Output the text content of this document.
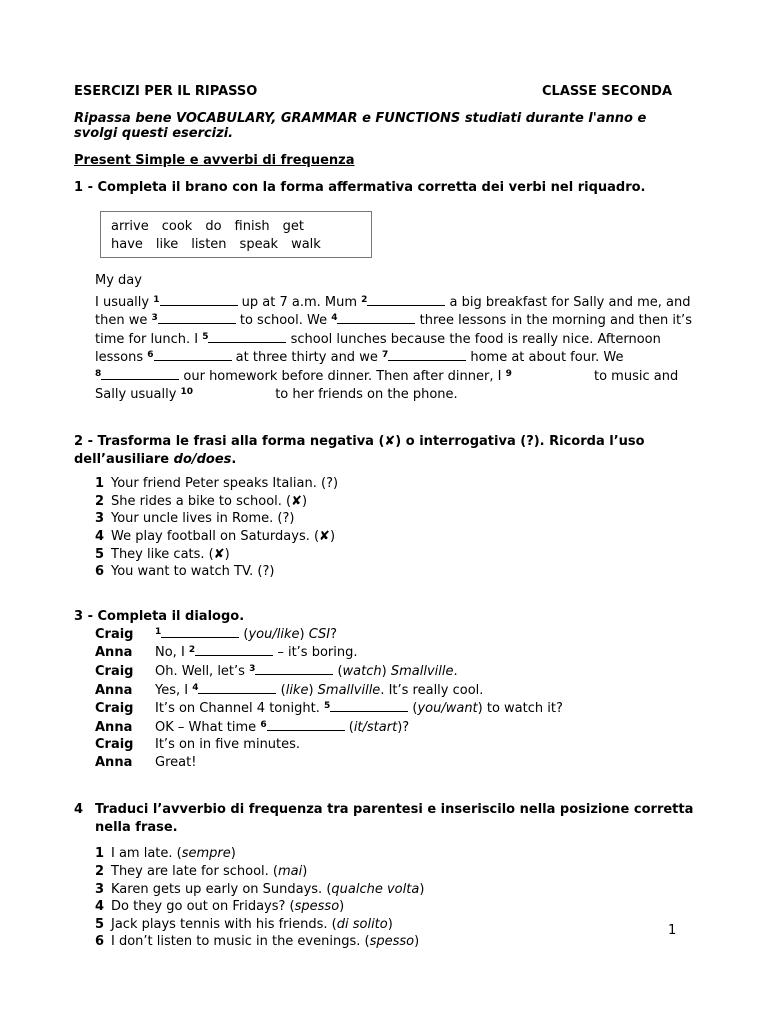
ESERCIZI PER IL RIPASSO	CLASSE SECONDA

Ripassa bene VOCABULARY, GRAMMAR e FUNCTIONS studiati durante l'anno e svolgi questi esercizi.

Present Simple e avverbi di frequenza

1 - Completa il brano con la forma affermativa corretta dei verbi nel riquadro.

arrive cook do finish get
have like listen speak walk
My day
I usually $^1$	up at 7 a.m. Mum $^2$	a big breakfast for Sally and me, and
then we $^3$	to school. We $^4$	three lessons in the morning and then it’s
time for lunch. I $^5$	school lunches because the food is really nice. Afternoon
lessons $^6$	at three thirty and we $^7$	home at about four. We
$^8$	our homework before dinner. Then after dinner, I $^9$	to music and
Sally usually $^{10}$	to her friends on the phone.

2 - Trasforma le frasi alla forma negativa (✘) o interrogativa (?). Ricorda l’uso dell’ausiliare do/does.

1 Your friend Peter speaks Italian. (?)
2 She rides a bike to school. (✘)
3 Your uncle lives in Rome. (?)
4 We play football on Saturdays. (✘)
5 They like cats. (✘)
6 You want to watch TV. (?)

3 - Completa il dialogo.

Craig $^1$	(you/like) CSI?
Anna No, I $^2$	– it’s boring.
Craig Oh. Well, let’s $^3$	(watch) Smallville.
Anna Yes, I $^4$	(like) Smallville. It’s really cool.
Craig It’s on Channel 4 tonight. $^5$	(you/want) to watch it?
Anna OK – What time $^6$	(it/start)?
Craig It’s on in five minutes.
Anna Great!
4 Traduci l’avverbio di frequenza tra parentesi e inseriscilo nella posizione corretta nella frase.
1 I am late. (sempre)
2 They are late for school. (mai)
3 Karen gets up early on Sundays. (qualche volta)
4 Do they go out on Fridays? (spesso)
5 Jack plays tennis with his friends. (di solito)
6 I don’t listen to music in the evenings. (spesso)
1
